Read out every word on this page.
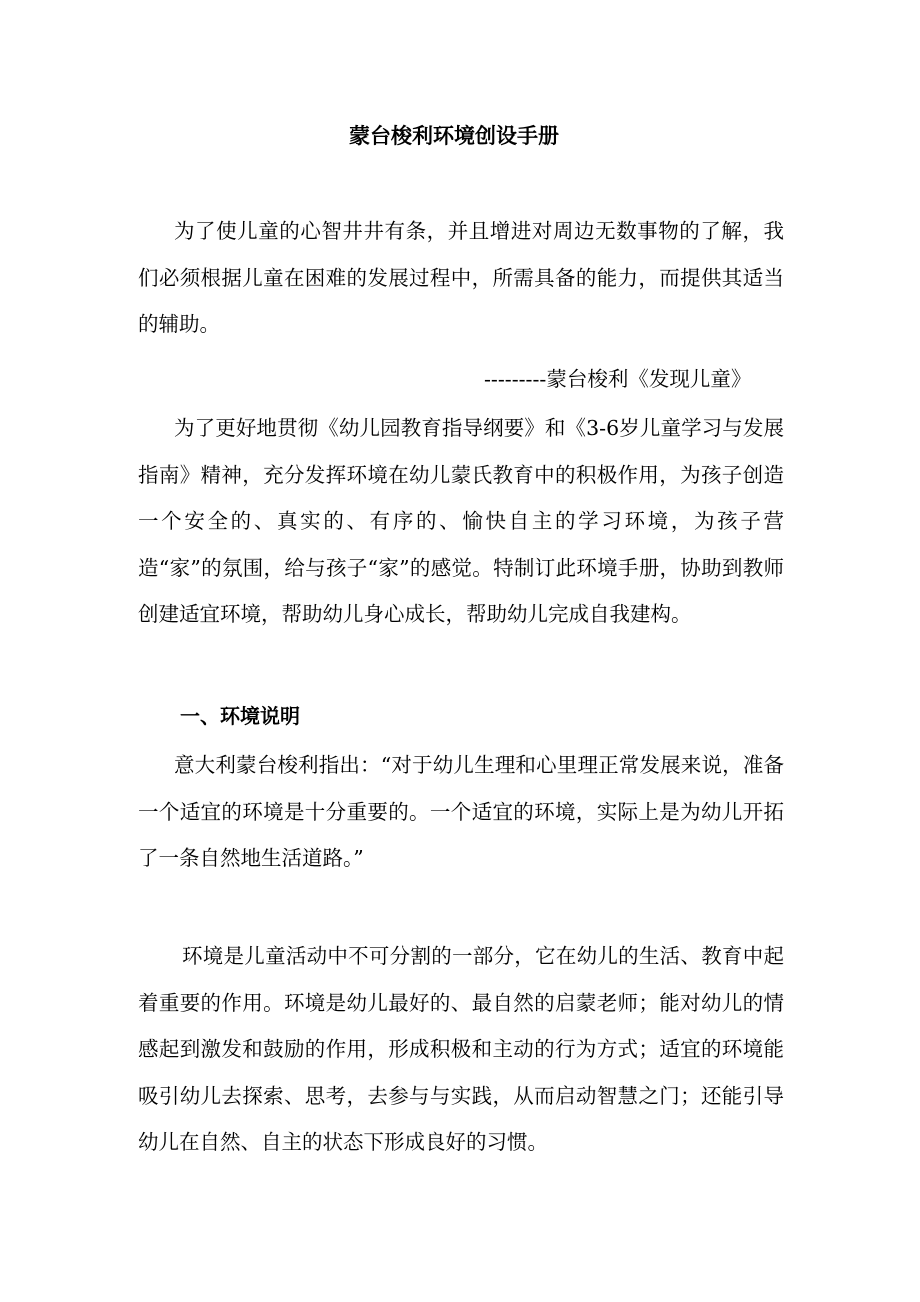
蒙台梭利环境创设手册

为了使儿童的心智井井有条，并且增进对周边无数事物的了解，我们必须根据儿童在困难的发展过程中，所需具备的能力，而提供其适当的辅助。

---------蒙台梭利《发现儿童》

为了更好地贯彻《幼儿园教育指导纲要》和《3-6岁儿童学习与发展指南》精神，充分发挥环境在幼儿蒙氏教育中的积极作用，为孩子创造一个安全的、真实的、有序的、愉快自主的学习环境，为孩子营造“家”的氛围，给与孩子“家”的感觉。特制订此环境手册，协助到教师创建适宜环境，帮助幼儿身心成长，帮助幼儿完成自我建构。

一、环境说明

意大利蒙台梭利指出：“对于幼儿生理和心里理正常发展来说，准备一个适宜的环境是十分重要的。一个适宜的环境，实际上是为幼儿开拓了一条自然地生活道路。”

环境是儿童活动中不可分割的一部分，它在幼儿的生活、教育中起着重要的作用。环境是幼儿最好的、最自然的启蒙老师；能对幼儿的情感起到激发和鼓励的作用，形成积极和主动的行为方式；适宜的环境能吸引幼儿去探索、思考，去参与与实践，从而启动智慧之门；还能引导幼儿在自然、自主的状态下形成良好的习惯。
